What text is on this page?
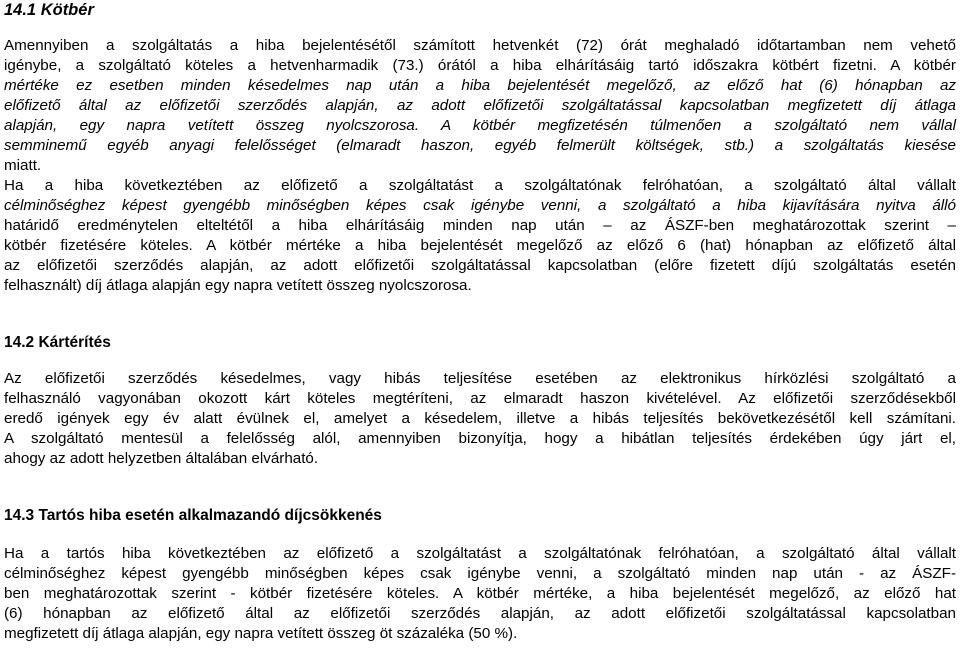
14.1 Kötbér
Amennyiben a szolgáltatás a hiba bejelentésétől számított hetvenkét (72) órát meghaladó időtartamban nem vehető
igénybe, a szolgáltató köteles a hetvenharmadik (73.) órától a hiba elhárításáig tartó időszakra kötbért fizetni. A kötbér
mértéke ez esetben minden késedelmes nap után a hiba bejelentését megelőző, az előző hat (6) hónapban az
előfizető által az előfizetői szerződés alapján, az adott előfizetői szolgáltatással kapcsolatban megfizetett díj átlaga
alapján, egy napra vetített összeg nyolcszorosa. A kötbér megfizetésén túlmenően a szolgáltató nem vállal
semminemű egyéb anyagi felelősséget (elmaradt haszon, egyéb felmerült költségek, stb.) a szolgáltatás kiesése
miatt.
Ha a hiba következtében az előfizető a szolgáltatást a szolgáltatónak felróhatóan, a szolgáltató által vállalt
célminőséghez képest gyengébb minőségben képes csak igénybe venni, a szolgáltató a hiba kijavítására nyitva álló
határidő eredménytelen elteltétől a hiba elhárításáig minden nap után – az ÁSZF-ben meghatározottak szerint –
kötbér fizetésére köteles. A kötbér mértéke a hiba bejelentését megelőző az előző 6 (hat) hónapban az előfizető által
az előfizetői szerződés alapján, az adott előfizetői szolgáltatással kapcsolatban (előre fizetett díjú szolgáltatás esetén
felhasznált) díj átlaga alapján egy napra vetített összeg nyolcszorosa.
14.2 Kártérítés
Az előfizetői szerződés késedelmes, vagy hibás teljesítése esetében az elektronikus hírközlési szolgáltató a
felhasználó vagyonában okozott kárt köteles megtéríteni, az elmaradt haszon kivételével. Az előfizetői szerződésekből
eredő igények egy év alatt évülnek el, amelyet a késedelem, illetve a hibás teljesítés bekövetkezésétől kell számítani.
A szolgáltató mentesül a felelősség alól, amennyiben bizonyítja, hogy a hibátlan teljesítés érdekében úgy járt el,
ahogy az adott helyzetben általában elvárható.
14.3 Tartós hiba esetén alkalmazandó díjcsökkenés
Ha a tartós hiba következtében az előfizető a szolgáltatást a szolgáltatónak felróhatóan, a szolgáltató által vállalt
célminőséghez képest gyengébb minőségben képes csak igénybe venni, a szolgáltató minden nap után - az ÁSZF-
ben meghatározottak szerint - kötbér fizetésére köteles. A kötbér mértéke, a hiba bejelentését megelőző, az előző hat
(6) hónapban az előfizető által az előfizetői szerződés alapján, az adott előfizetői szolgáltatással kapcsolatban
megfizetett díj átlaga alapján, egy napra vetített összeg öt százaléka (50 %).
